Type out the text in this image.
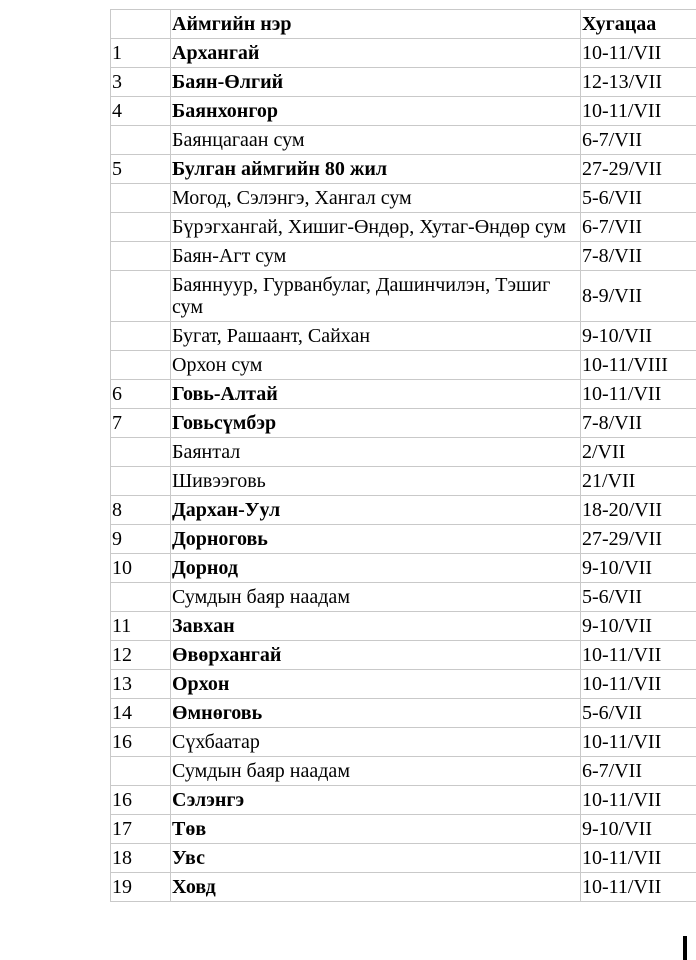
	Аймгийн нэр	Хугацаа
1	Архангай	10-11/VII
3	Баян-Өлгий	12-13/VII
4	Баянхонгор	10-11/VII
	Баянцагаан сум	6-7/VII
5	Булган аймгийн 80 жил	27-29/VII
	Могод, Сэлэнгэ, Хангал сум	5-6/VII
	Бүрэгхангай, Хишиг-Өндөр, Хутаг-Өндөр сум	6-7/VII
	Баян-Агт сум	7-8/VII
	Баяннуур, Гурванбулаг, Дашинчилэн, Тэшиг сум	8-9/VII
	Бугат, Рашаант, Сайхан	9-10/VII
	Орхон сум	10-11/VIII
6	Говь-Алтай	10-11/VII
7	Говьсүмбэр	7-8/VII
	Баянтал	2/VII
	Шивээговь	21/VII
8	Дархан-Уул	18-20/VII
9	Дорноговь	27-29/VII
10	Дорнод	9-10/VII
	Сумдын баяр наадам	5-6/VII
11	Завхан	9-10/VII
12	Өвөрхангай	10-11/VII
13	Орхон	10-11/VII
14	Өмнөговь	5-6/VII
16	Сүхбаатар	10-11/VII
	Сумдын баяр наадам	6-7/VII
16	Сэлэнгэ	10-11/VII
17	Төв	9-10/VII
18	Увс	10-11/VII
19	Ховд	10-11/VII
